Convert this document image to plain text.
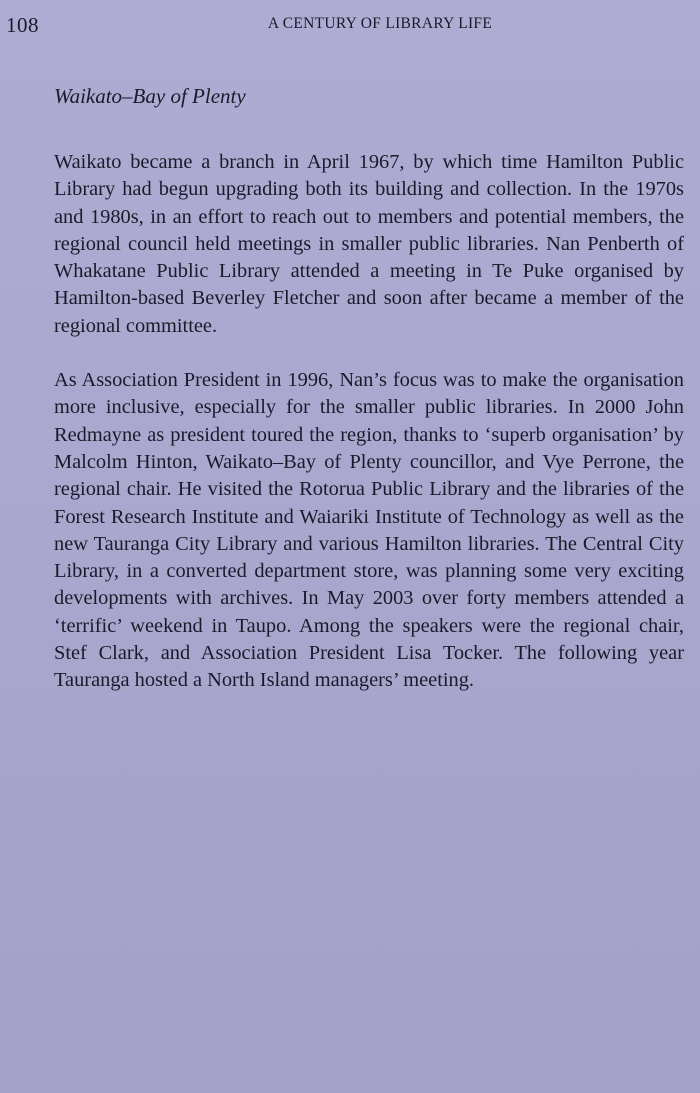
108	A CENTURY OF LIBRARY LIFE
Waikato–Bay of Plenty

Waikato became a branch in April 1967, by which time Hamilton Public Library had begun upgrading both its building and collection. In the 1970s and 1980s, in an effort to reach out to members and potential members, the regional council held meetings in smaller public libraries. Nan Penberth of Whakatane Public Library attended a meeting in Te Puke organised by Hamilton-based Beverley Fletcher and soon after became a member of the regional committee.

As Association President in 1996, Nan’s focus was to make the organisation more inclusive, especially for the smaller public libraries. In 2000 John Redmayne as president toured the region, thanks to ‘superb organisation’ by Malcolm Hinton, Waikato–Bay of Plenty councillor, and Vye Perrone, the regional chair. He visited the Rotorua Public Library and the libraries of the Forest Research Institute and Waiariki Institute of Technology as well as the new Tauranga City Library and various Hamilton libraries. The Central City Library, in a converted department store, was planning some very exciting developments with archives. In May 2003 over forty members attended a ‘terrific’ weekend in Taupo. Among the speakers were the regional chair, Stef Clark, and Association President Lisa Tocker. The following year Tauranga hosted a North Island managers’ meeting.
